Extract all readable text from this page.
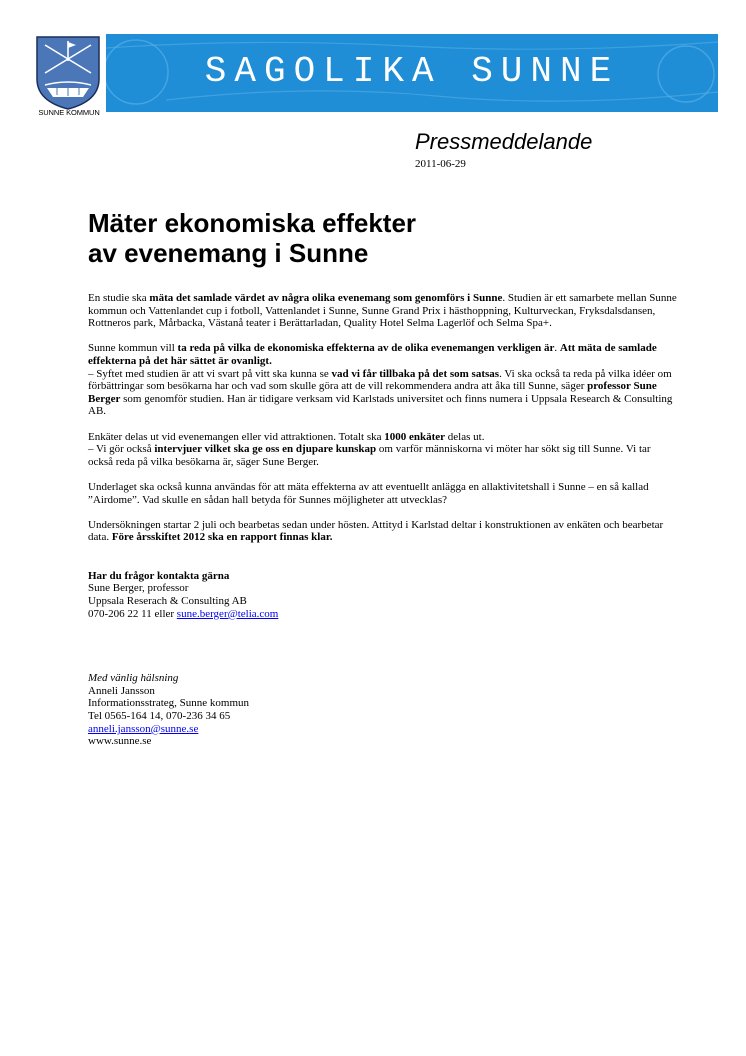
SUNNE KOMMUN
SAGOLIKA SUNNE
Pressmeddelande
2011-06-29
Mäter ekonomiska effekter
av evenemang i Sunne

En studie ska mäta det samlade värdet av några olika evenemang som genomförs i Sunne. Studien är ett samarbete mellan Sunne kommun och Vattenlandet cup i fotboll, Vattenlandet i Sunne, Sunne Grand Prix i hästhoppning, Kulturveckan, Fryksdalsdansen, Rottneros park, Mårbacka, Västanå teater i Berättarladan, Quality Hotel Selma Lagerlöf och Selma Spa+.

Sunne kommun vill ta reda på vilka de ekonomiska effekterna av de olika evenemangen verkligen är. Att mäta de samlade effekterna på det här sättet är ovanligt.
– Syftet med studien är att vi svart på vitt ska kunna se vad vi får tillbaka på det som satsas. Vi ska också ta reda på vilka idéer om förbättringar som besökarna har och vad som skulle göra att de vill rekommendera andra att åka till Sunne, säger professor Sune Berger som genomför studien. Han är tidigare verksam vid Karlstads universitet och finns numera i Uppsala Research & Consulting AB.

Enkäter delas ut vid evenemangen eller vid attraktionen. Totalt ska 1000 enkäter delas ut.
– Vi gör också intervjuer vilket ska ge oss en djupare kunskap om varför människorna vi möter har sökt sig till Sunne. Vi tar också reda på vilka besökarna är, säger Sune Berger.

Underlaget ska också kunna användas för att mäta effekterna av att eventuellt anlägga en allaktivitetshall i Sunne – en så kallad ”Airdome”. Vad skulle en sådan hall betyda för Sunnes möjligheter att utvecklas?

Undersökningen startar 2 juli och bearbetas sedan under hösten. Attityd i Karlstad deltar i konstruktionen av enkäten och bearbetar data. Före årsskiftet 2012 ska en rapport finnas klar.

Har du frågor kontakta gärna
Sune Berger, professor
Uppsala Reserach & Consulting AB
070-206 22 11 eller sune.berger@telia.com

Med vänlig hälsning
Anneli Jansson
Informationsstrateg, Sunne kommun
Tel 0565-164 14, 070-236 34 65
anneli.jansson@sunne.se
www.sunne.se
